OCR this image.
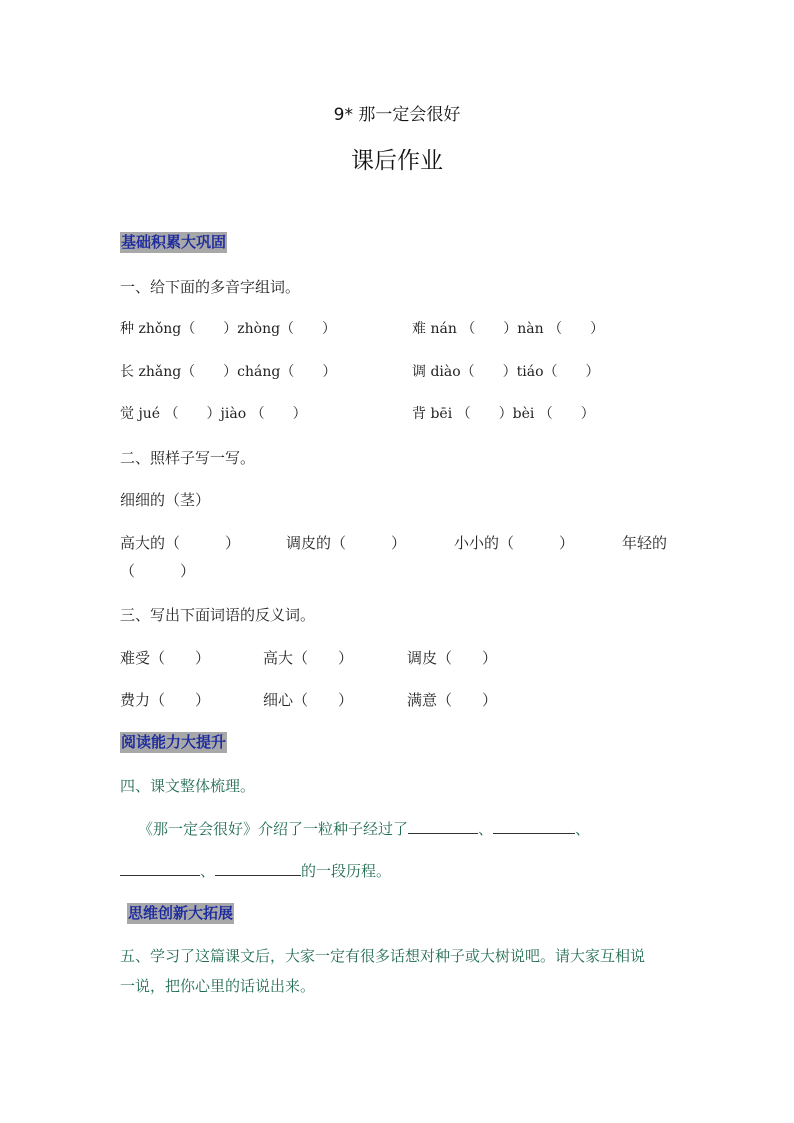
9* 那一定会很好
课后作业
基础积累大巩固
一、给下面的多音字组词。
种 zhǒng（　　）zhòng（　　）	难 nán （　　）nàn （　　）
长 zhǎng（　　）cháng（　　）	调 diào（　　）tiáo（　　）
觉 jué （　　）jiào （　　）	背 bēi （　　）bèi （　　）
二、照样子写一写。
细细的（茎）
高大的（　　　）	调皮的（　　　）	小小的（　　　）	年轻的
（　　　）
三、写出下面词语的反义词。
难受（　　）	高大（　　）	调皮（　　）
费力（　　）	细心（　　）	满意（　　）
阅读能力大提升
四、课文整体梳理。
《那一定会很好》介绍了一粒种子经过了	、	、
、	的一段历程。
思维创新大拓展
五、学习了这篇课文后，大家一定有很多话想对种子或大树说吧。请大家互相说
一说，把你心里的话说出来。
